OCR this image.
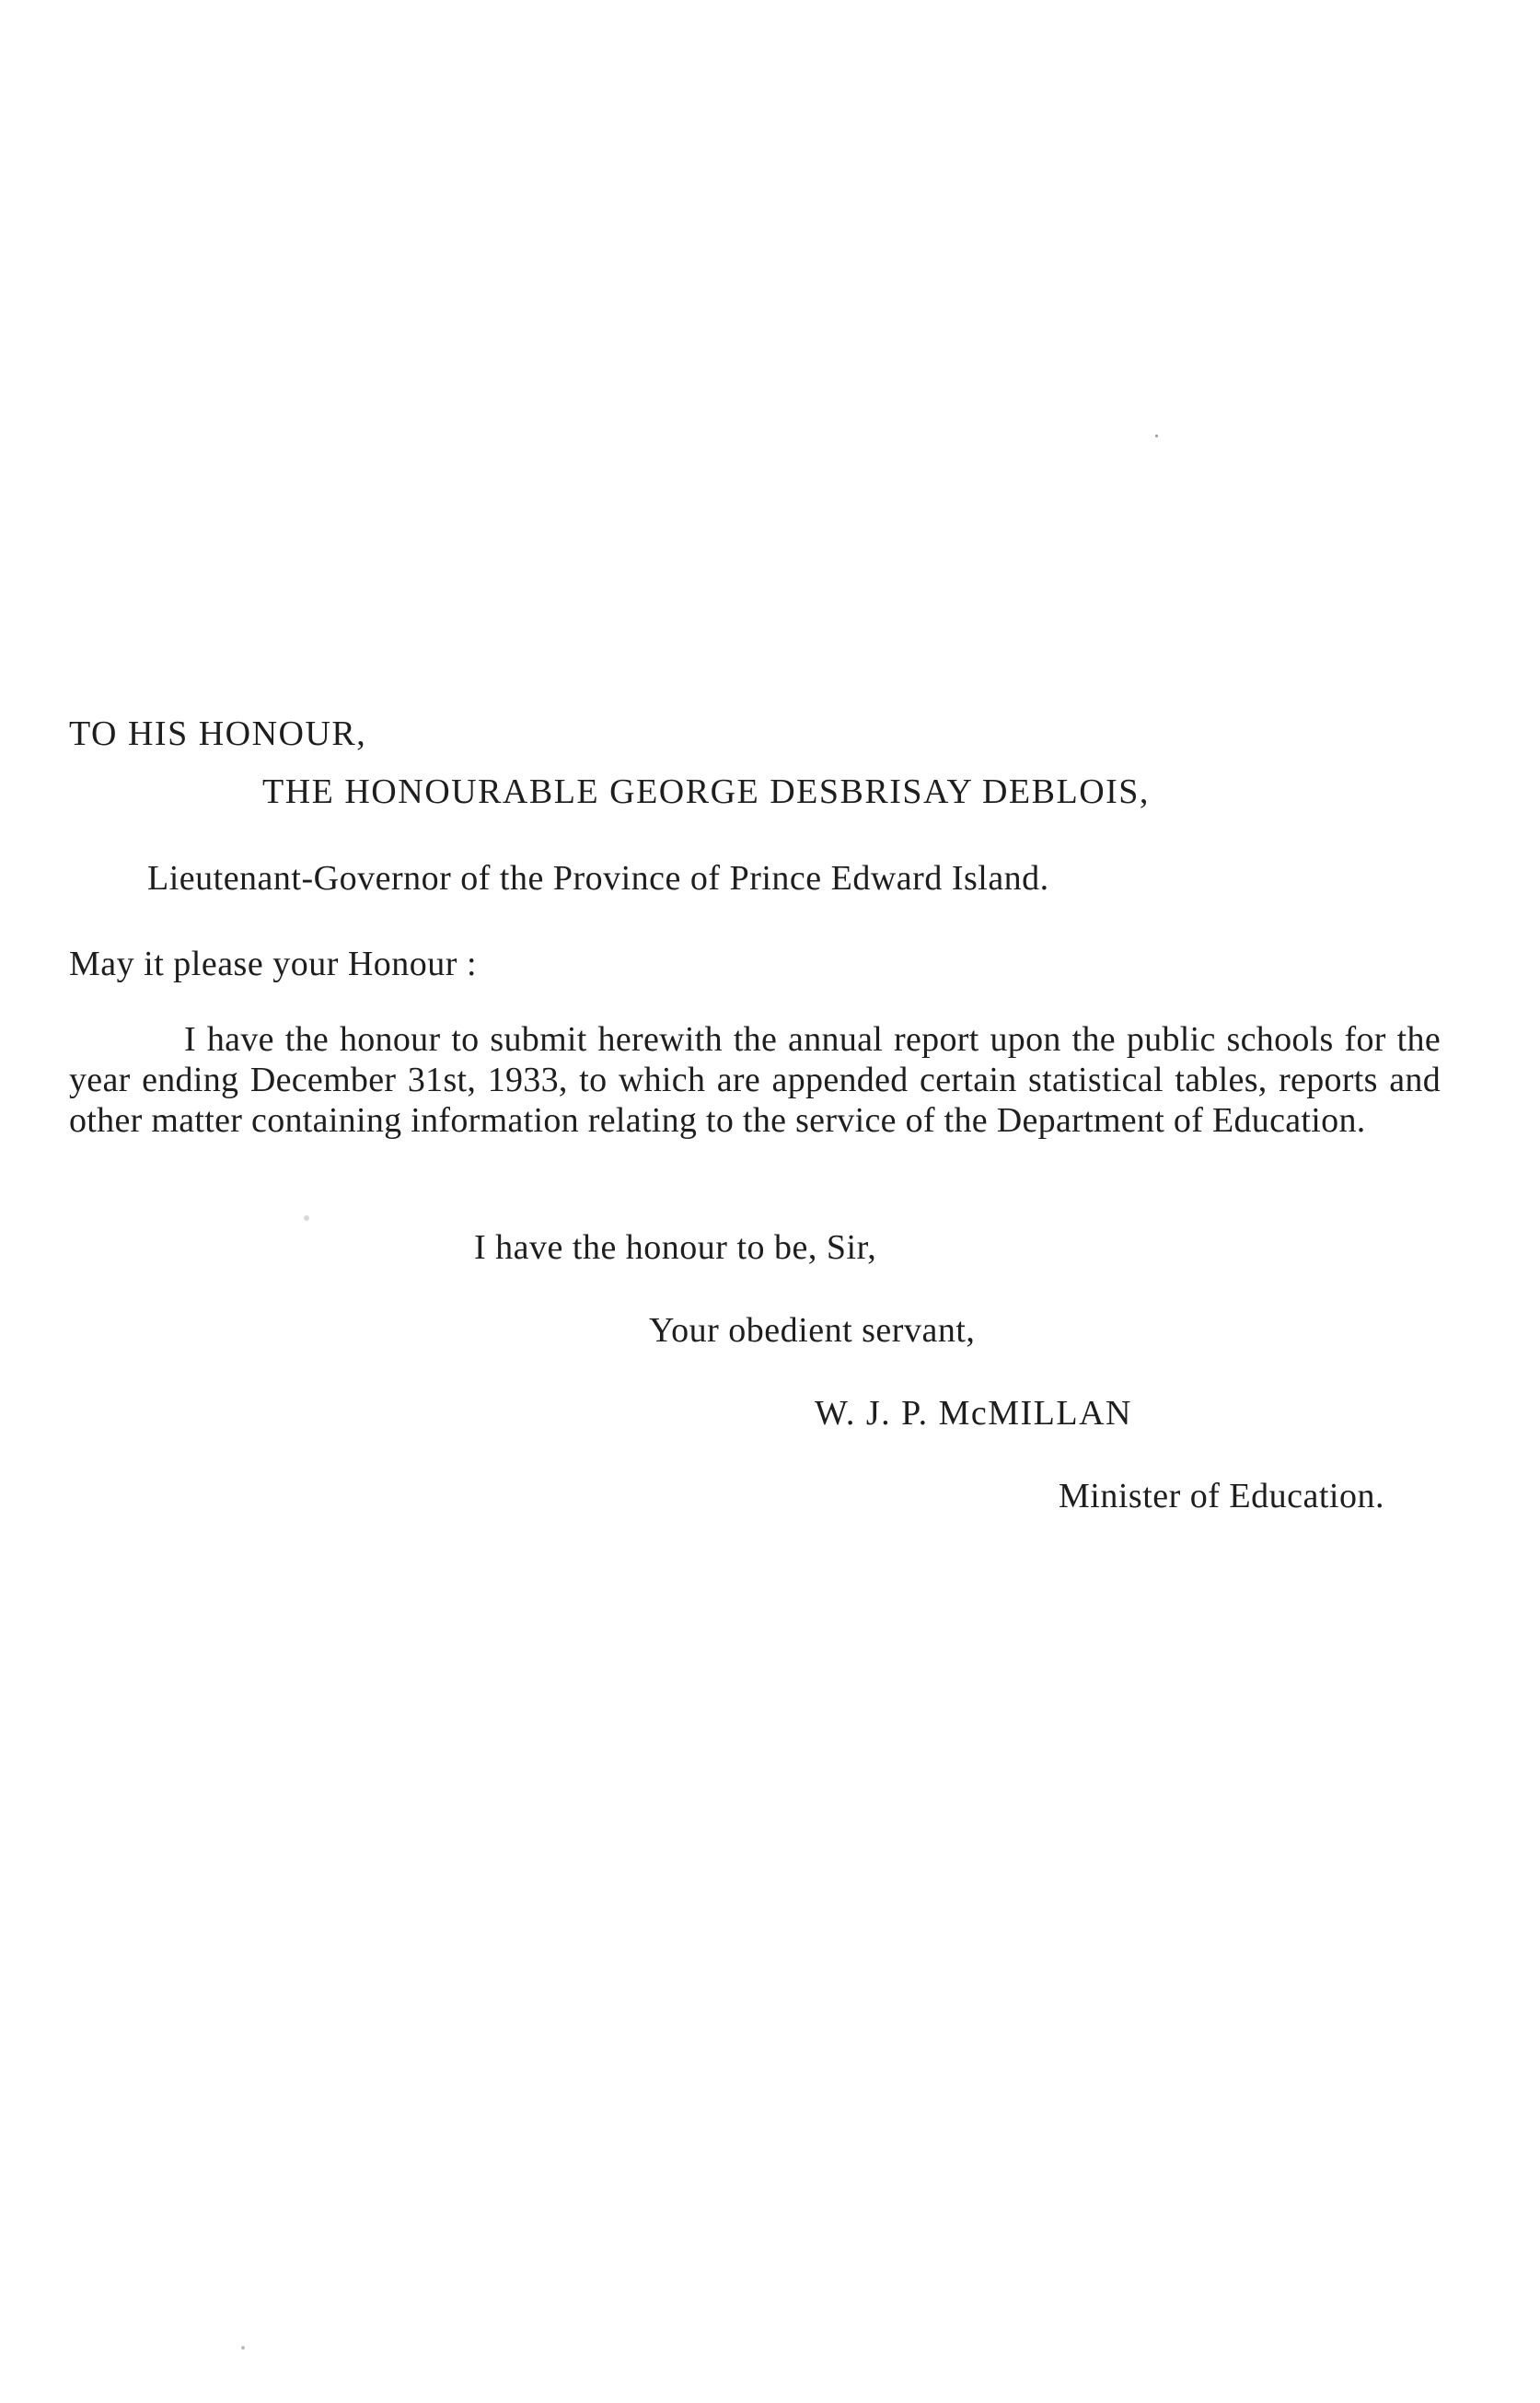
TO HIS HONOUR,
THE HONOURABLE GEORGE DESBRISAY DEBLOIS,
Lieutenant-Governor of the Province of Prince Edward Island.
May it please your Honour :
I have the honour to submit herewith the annual report upon the public schools for the year ending December 31st, 1933, to which are appended certain statistical tables, reports and other matter containing information relating to the service of the Department of Education.
I have the honour to be, Sir,
Your obedient servant,
W. J. P. McMILLAN
Minister of Education.
